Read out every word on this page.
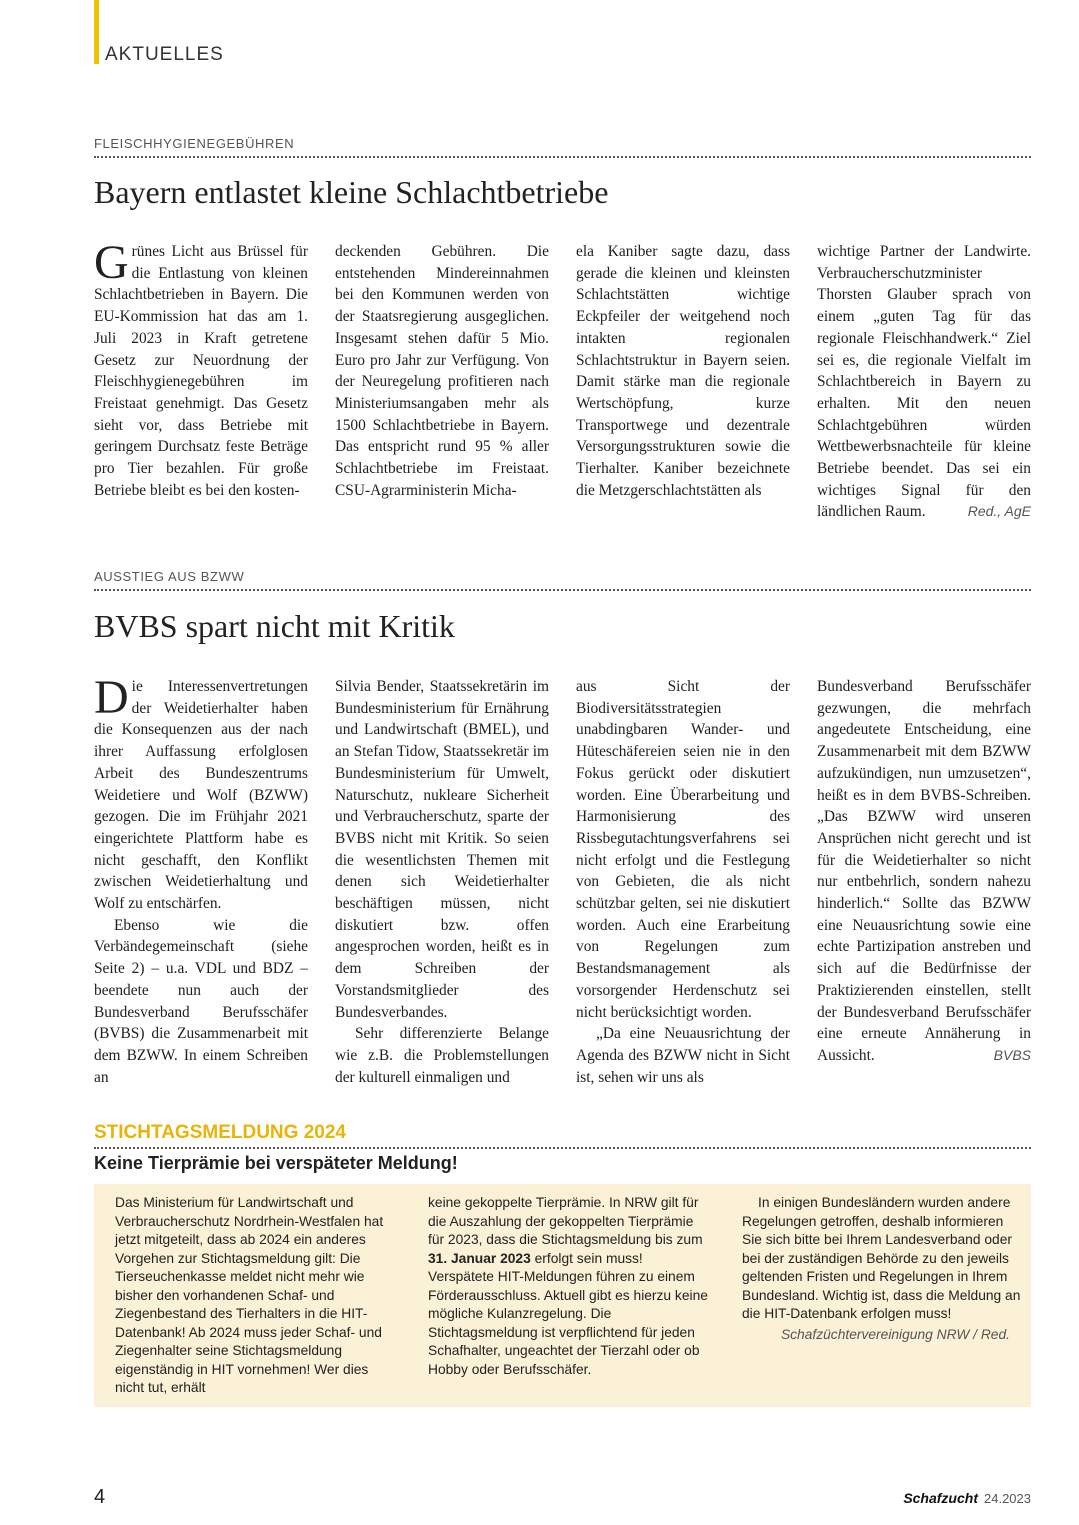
AKTUELLES
FLEISCHHYGIENEGEBÜHREN
Bayern entlastet kleine Schlachtbetriebe

Grünes Licht aus Brüssel für die Entlastung von kleinen Schlachtbetrieben in Bayern. Die EU-Kommission hat das am 1. Juli 2023 in Kraft getretene Gesetz zur Neuordnung der Fleischhygienegebühren im Freistaat genehmigt. Das Gesetz sieht vor, dass Betriebe mit geringem Durchsatz feste Beträge pro Tier bezahlen. Für große Betriebe bleibt es bei den kosten-

deckenden Gebühren. Die entstehenden Mindereinnahmen bei den Kommunen werden von der Staatsregierung ausgeglichen. Insgesamt stehen dafür 5 Mio. Euro pro Jahr zur Verfügung. Von der Neuregelung profitieren nach Ministeriumsangaben mehr als 1500 Schlachtbetriebe in Bayern. Das entspricht rund 95 % aller Schlachtbetriebe im Freistaat. CSU-Agrarministerin Micha-

ela Kaniber sagte dazu, dass gerade die kleinen und kleinsten Schlachtstätten wichtige Eckpfeiler der weitgehend noch intakten regionalen Schlachtstruktur in Bayern seien. Damit stärke man die regionale Wertschöpfung, kurze Transportwege und dezentrale Versorgungsstrukturen sowie die Tierhalter. Kaniber bezeichnete die Metzgerschlachtstätten als

wichtige Partner der Landwirte. Verbraucherschutzminister Thorsten Glauber sprach von einem „guten Tag für das regionale Fleischhandwerk.“ Ziel sei es, die regionale Vielfalt im Schlachtbereich in Bayern zu erhalten. Mit den neuen Schlachtgebühren würden Wettbewerbsnachteile für kleine Betriebe beendet. Das sei ein wichtiges Signal für den ländlichen Raum.	Red., AgE

AUSSTIEG AUS BZWW
BVBS spart nicht mit Kritik

Die Interessenvertretungen der Weidetierhalter haben die Konsequenzen aus der nach ihrer Auffassung erfolglosen Arbeit des Bundeszentrums Weidetiere und Wolf (BZWW) gezogen. Die im Frühjahr 2021 eingerichtete Plattform habe es nicht geschafft, den Konflikt zwischen Weidetierhaltung und Wolf zu entschärfen.

Ebenso wie die Verbändegemeinschaft (siehe Seite 2) – u.a. VDL und BDZ – beendete nun auch der Bundesverband Berufsschäfer (BVBS) die Zusammenarbeit mit dem BZWW. In einem Schreiben an

Silvia Bender, Staatssekretärin im Bundesministerium für Ernährung und Landwirtschaft (BMEL), und an Stefan Tidow, Staatssekretär im Bundesministerium für Umwelt, Naturschutz, nukleare Sicherheit und Verbraucherschutz, sparte der BVBS nicht mit Kritik. So seien die wesentlichsten Themen mit denen sich Weidetierhalter beschäftigen müssen, nicht diskutiert bzw. offen angesprochen worden, heißt es in dem Schreiben der Vorstandsmitglieder des Bundesverbandes.

Sehr differenzierte Belange wie z.B. die Problemstellungen der kulturell einmaligen und

aus Sicht der Biodiversitätsstrategien unabdingbaren Wander- und Hüteschäfereien seien nie in den Fokus gerückt oder diskutiert worden. Eine Überarbeitung und Harmonisierung des Rissbegutachtungsverfahrens sei nicht erfolgt und die Festlegung von Gebieten, die als nicht schützbar gelten, sei nie diskutiert worden. Auch eine Erarbeitung von Regelungen zum Bestandsmanagement als vorsorgender Herdenschutz sei nicht berücksichtigt worden.

„Da eine Neuausrichtung der Agenda des BZWW nicht in Sicht ist, sehen wir uns als

Bundesverband Berufsschäfer gezwungen, die mehrfach angedeutete Entscheidung, eine Zusammenarbeit mit dem BZWW aufzukündigen, nun umzusetzen“, heißt es in dem BVBS-Schreiben. „Das BZWW wird unseren Ansprüchen nicht gerecht und ist für die Weidetierhalter so nicht nur entbehrlich, sondern nahezu hinderlich.“ Sollte das BZWW eine Neuausrichtung sowie eine echte Partizipation anstreben und sich auf die Bedürfnisse der Praktizierenden einstellen, stellt der Bundesverband Berufsschäfer eine erneute Annäherung in Aussicht.	BVBS

STICHTAGSMELDUNG 2024
Keine Tierprämie bei verspäteter Meldung!

Das Ministerium für Landwirtschaft und Verbraucherschutz Nordrhein-Westfalen hat jetzt mitgeteilt, dass ab 2024 ein anderes Vorgehen zur Stichtagsmeldung gilt: Die Tierseuchenkasse meldet nicht mehr wie bisher den vorhandenen Schaf- und Ziegenbestand des Tierhalters in die HIT-Datenbank! Ab 2024 muss jeder Schaf- und Ziegenhalter seine Stichtagsmeldung eigenständig in HIT vornehmen! Wer dies nicht tut, erhält

keine gekoppelte Tierprämie. In NRW gilt für die Auszahlung der gekoppelten Tierprämie für 2023, dass die Stichtagsmeldung bis zum 31. Januar 2023 erfolgt sein muss! Verspätete HIT-Meldungen führen zu einem Förderausschluss. Aktuell gibt es hierzu keine mögliche Kulanzregelung. Die Stichtagsmeldung ist verpflichtend für jeden Schafhalter, ungeachtet der Tierzahl oder ob Hobby oder Berufsschäfer.

In einigen Bundesländern wurden andere Regelungen getroffen, deshalb informieren Sie sich bitte bei Ihrem Landesverband oder bei der zuständigen Behörde zu den jeweils geltenden Fristen und Regelungen in Ihrem Bundesland. Wichtig ist, dass die Meldung an die HIT-Datenbank erfolgen muss!

Schafzüchtervereinigung NRW / Red.

4	Schafzucht 24.2023
